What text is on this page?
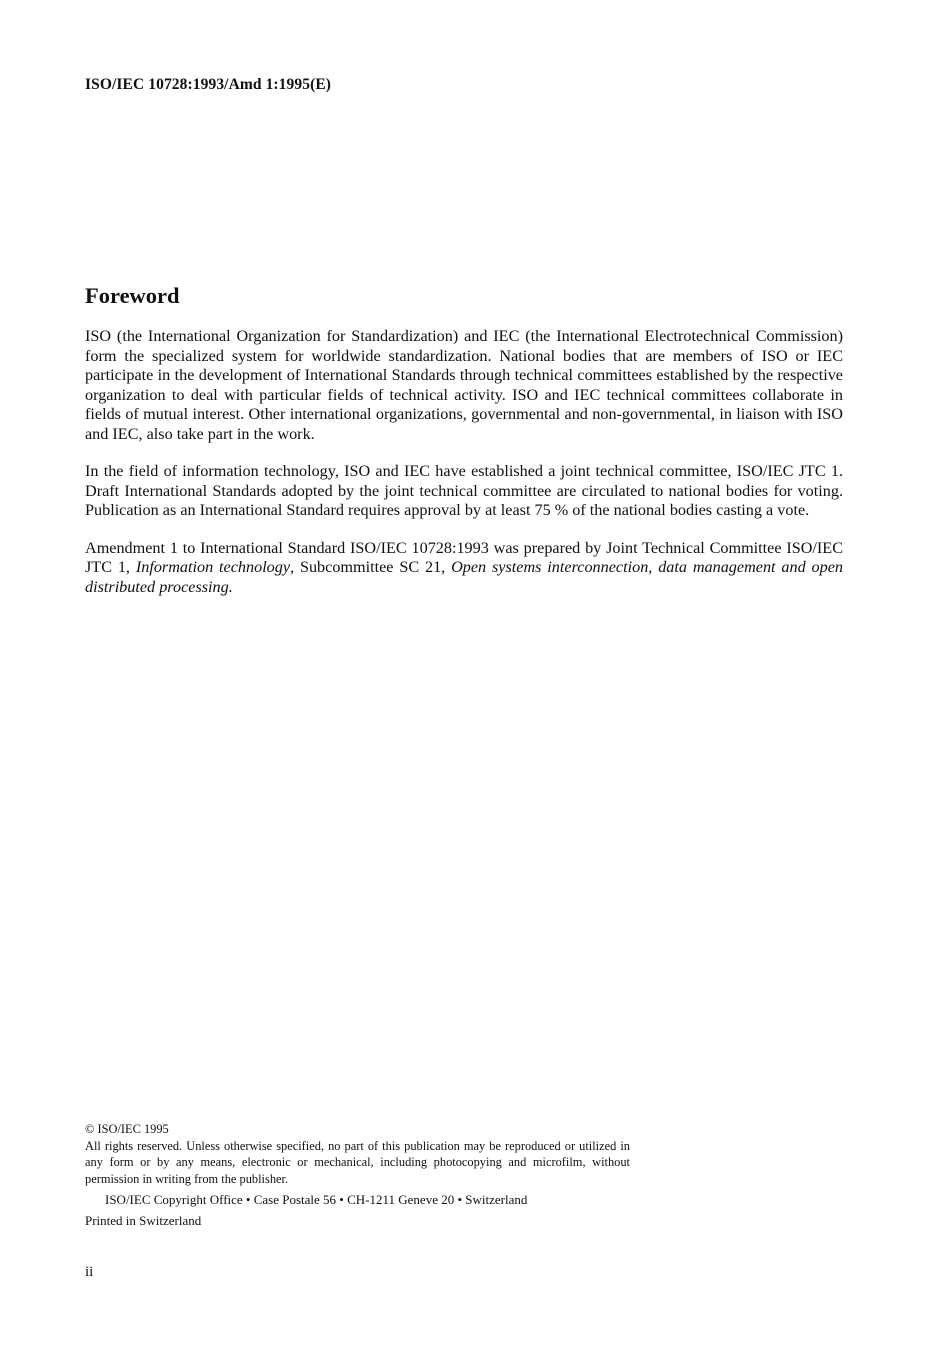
ISO/IEC 10728:1993/Amd 1:1995(E)
Foreword

ISO (the International Organization for Standardization) and IEC (the International Electrotechnical Commission) form the specialized system for worldwide standardization. National bodies that are members of ISO or IEC participate in the development of International Standards through technical committees established by the respective organization to deal with particular fields of technical activity. ISO and IEC technical committees collaborate in fields of mutual interest. Other international organizations, governmental and non-governmental, in liaison with ISO and IEC, also take part in the work.

In the field of information technology, ISO and IEC have established a joint technical committee, ISO/IEC JTC 1. Draft International Standards adopted by the joint technical committee are circulated to national bodies for voting. Publication as an International Standard requires approval by at least 75 % of the national bodies casting a vote.

Amendment 1 to International Standard ISO/IEC 10728:1993 was prepared by Joint Technical Committee ISO/IEC JTC 1, Information technology, Subcommittee SC 21, Open systems interconnection, data management and open distributed processing.

© ISO/IEC 1995

All rights reserved. Unless otherwise specified, no part of this publication may be reproduced or utilized in any form or by any means, electronic or mechanical, including photocopying and microfilm, without permission in writing from the publisher.

ISO/IEC Copyright Office • Case Postale 56 • CH-1211 Geneve 20 • Switzerland

Printed in Switzerland

ii
